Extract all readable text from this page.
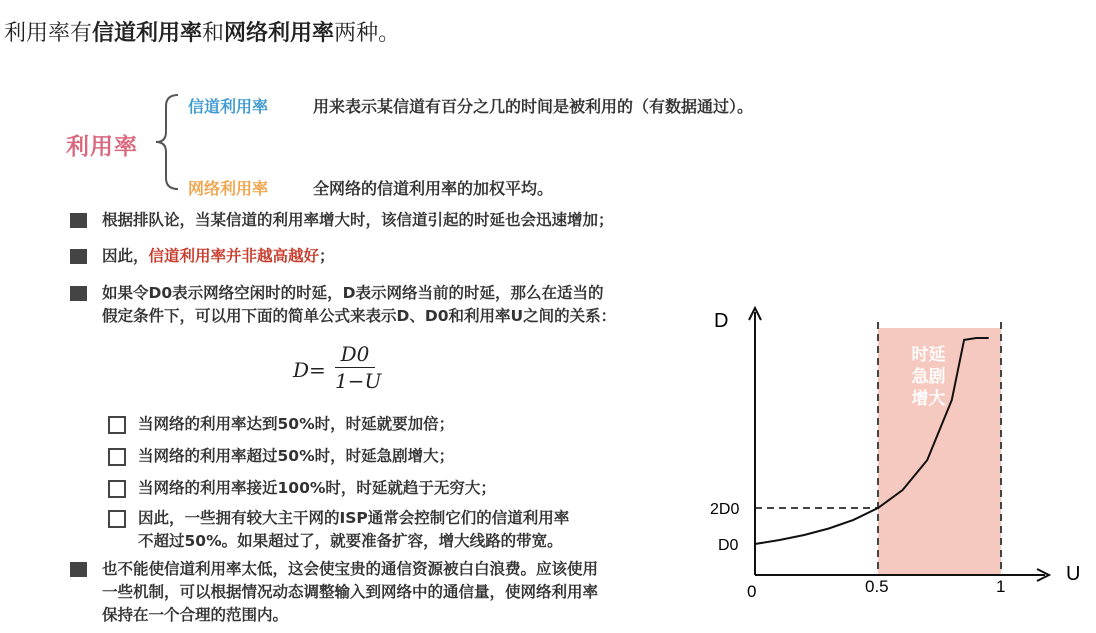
利用率有信道利用率和网络利用率两种。
利用率
信道利用率	用来表示某信道有百分之几的时间是被利用的（有数据通过）。
网络利用率	全网络的信道利用率的加权平均。
根据排队论，当某信道的利用率增大时，该信道引起的时延也会迅速增加；
因此，信道利用率并非越高越好；
如果令D0表示网络空闲时的时延，D表示网络当前的时延，那么在适当的
假定条件下，可以用下面的简单公式来表示D、D0和利用率U之间的关系：
D=
D0
1−U
当网络的利用率达到50%时，时延就要加倍；
当网络的利用率超过50%时，时延急剧增大；
当网络的利用率接近100%时，时延就趋于无穷大；
因此，一些拥有较大主干网的ISP通常会控制它们的信道利用率
不超过50%。如果超过了，就要准备扩容，增大线路的带宽。
也不能使信道利用率太低，这会使宝贵的通信资源被白白浪费。应该使用
一些机制，可以根据情况动态调整输入到网络中的通信量，使网络利用率
保持在一个合理的范围内。
时延
急剧
增大
D
U
0	0.5	1
D0
2D0
